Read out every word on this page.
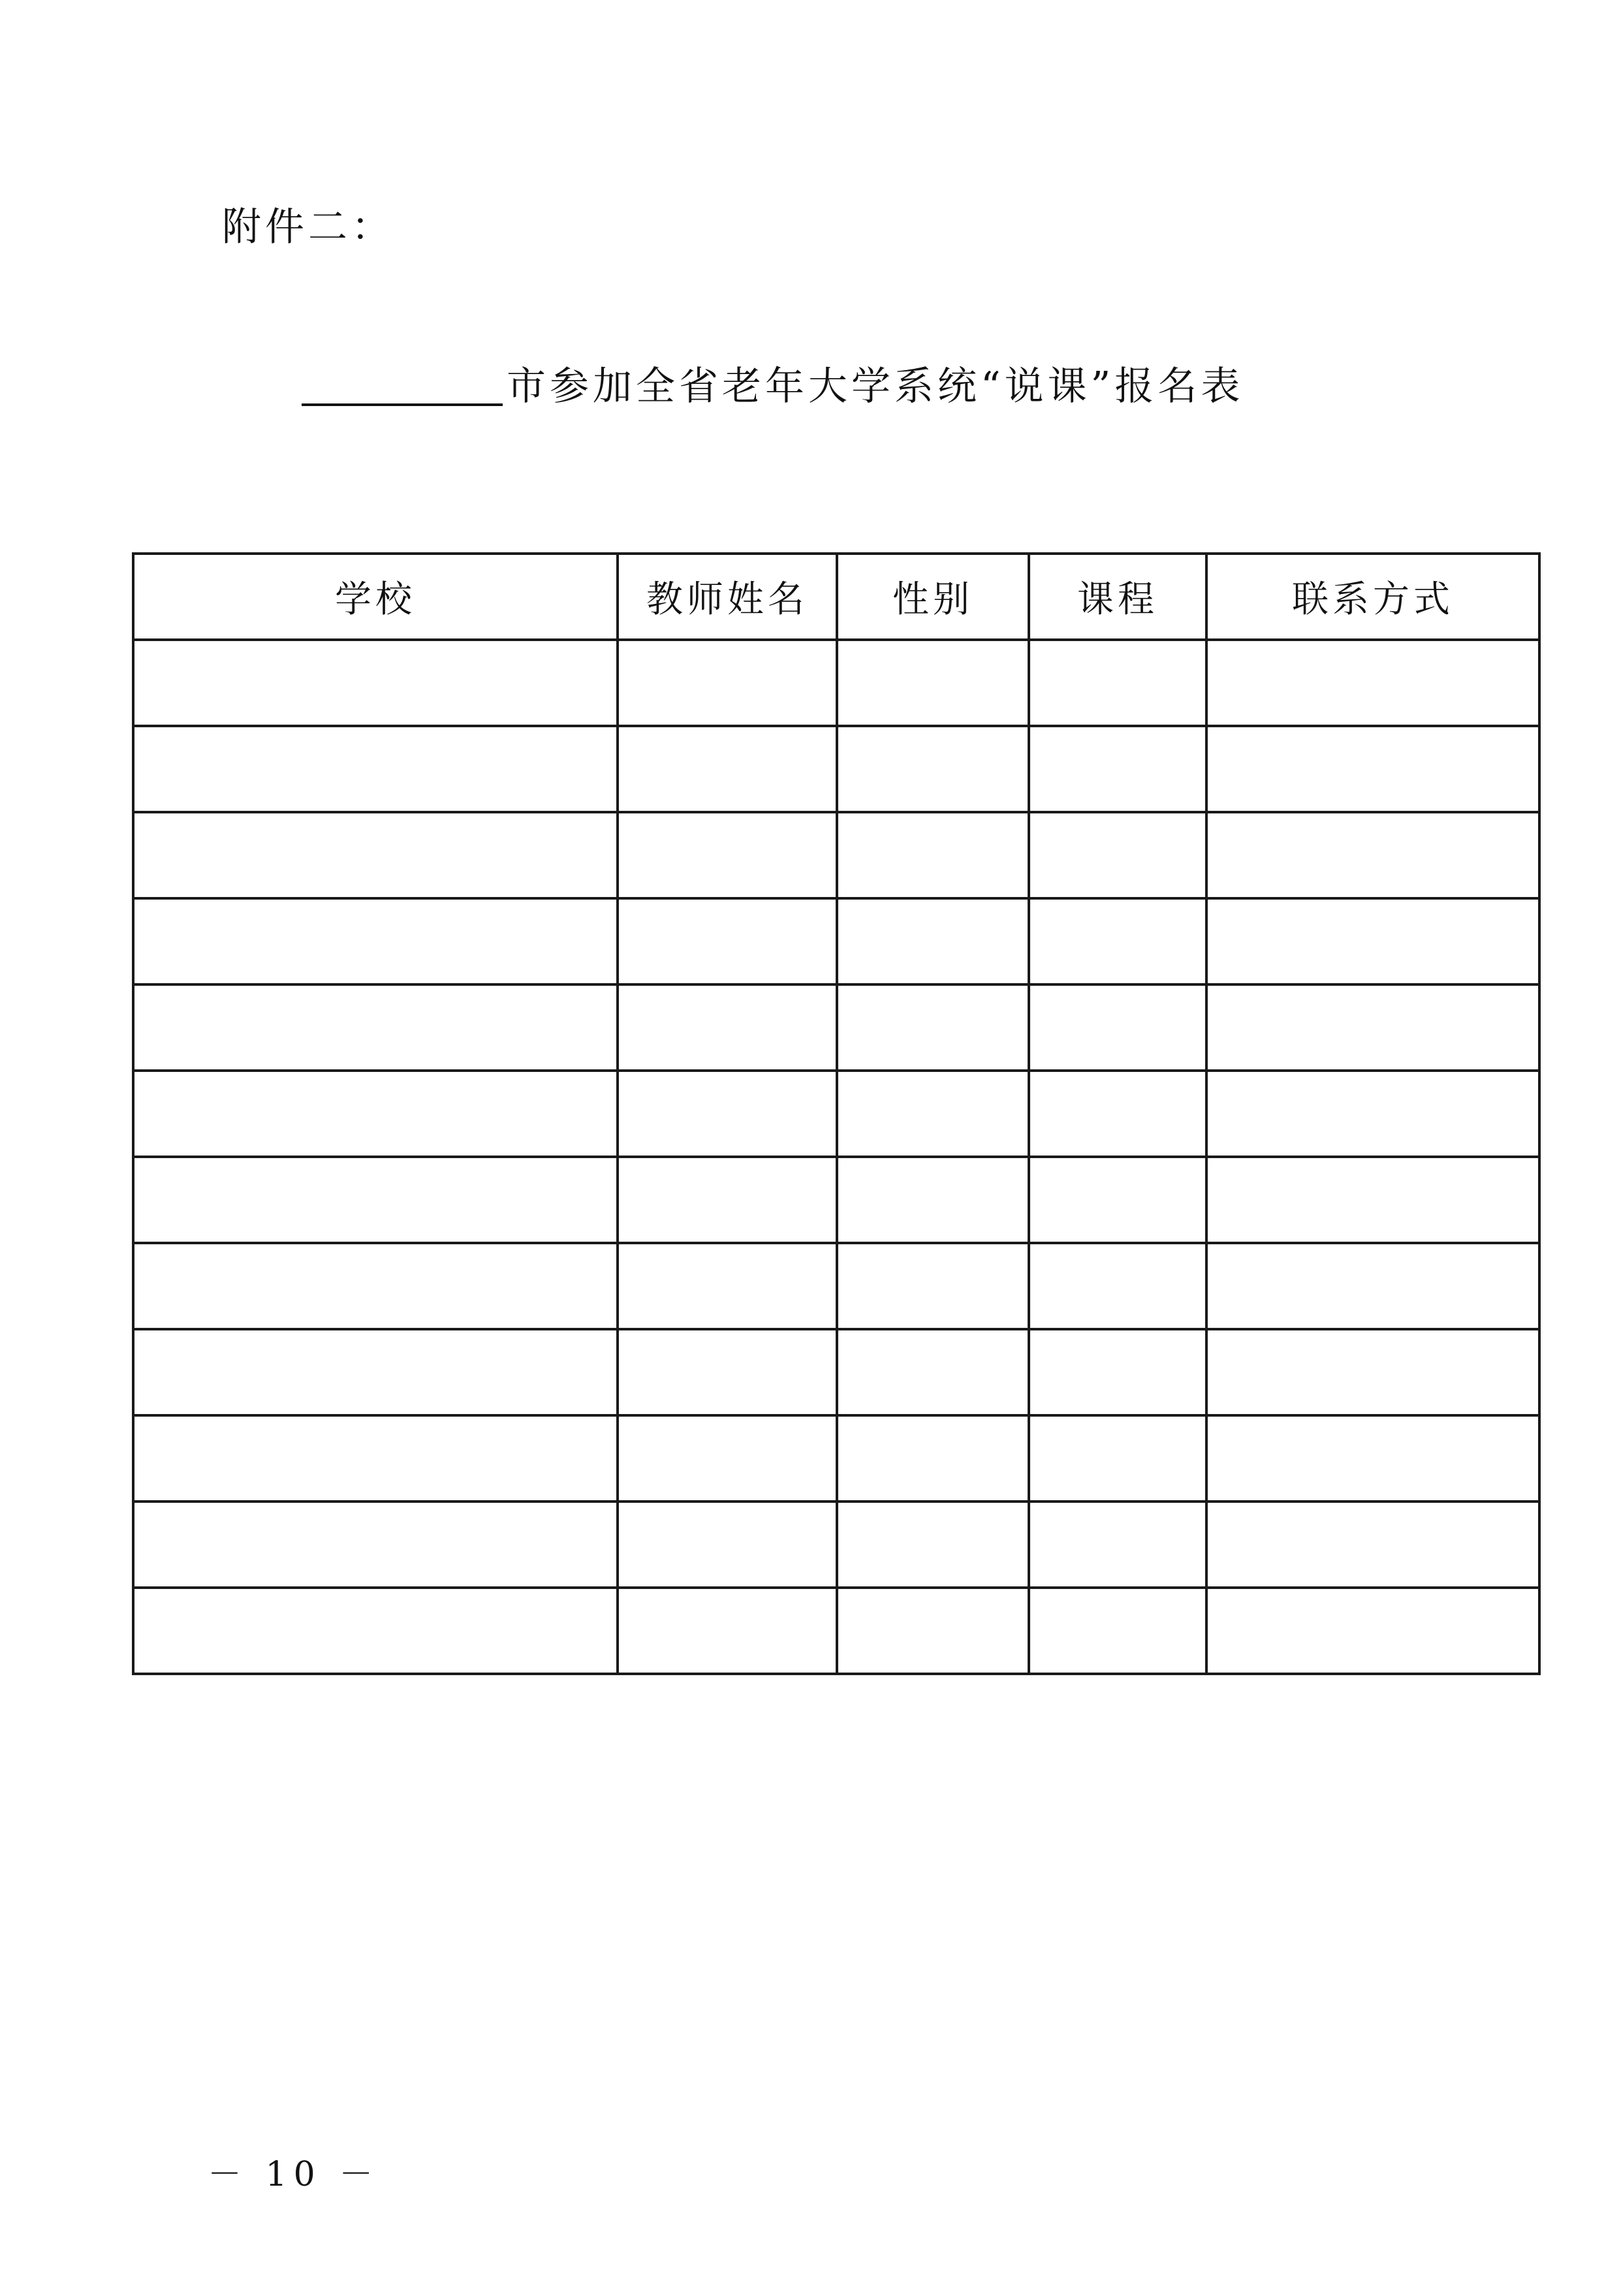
附件二：
市参加全省老年大学系统“说课”报名表
学校	教师姓名	性别	课程	联系方式

－ 10 －
